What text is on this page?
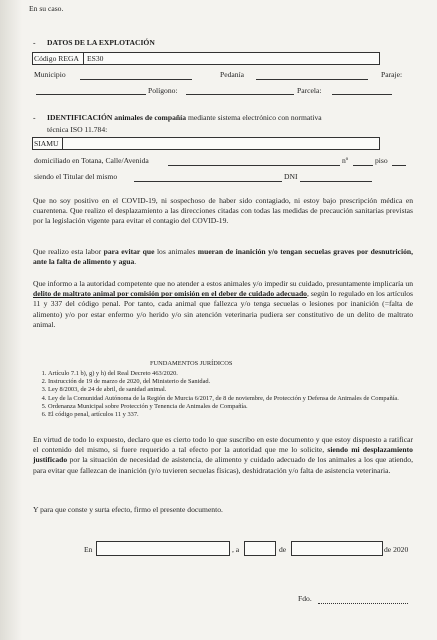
En su caso.
- DATOS DE LA EXPLOTACIÓN
Código REGA ES30
Municipio	Pedanía	Paraje:
Polígono:	Parcela:
- IDENTIFICACIÓN animales de compañía mediante sistema electrónico con normativa
técnica ISO 11.784:
SIAMU
domiciliado en Totana, Calle/Avenida	nº	piso
siendo el Titular del mismo	DNI

Que no soy positivo en el COVID-19, ni sospechoso de haber sido contagiado, ni estoy bajo prescripción médica en cuarentena. Que realizo el desplazamiento a las direcciones citadas con todas las medidas de precaución sanitarias previstas por la legislación vigente para evitar el contagio del COVID-19.

Que realizo esta labor para evitar que los animales mueran de inanición y/o tengan secuelas graves por desnutrición, ante la falta de alimento y agua.

Que informo a la autoridad competente que no atender a estos animales y/o impedir su cuidado, presuntamente implicaría un delito de maltrato animal por comisión por omisión en el deber de cuidado adecuado, según lo regulado en los artículos 11 y 337 del código penal. Por tanto, cada animal que fallezca y/o tenga secuelas o lesiones por inanición (=falta de alimento) y/o por estar enfermo y/o herido y/o sin atención veterinaria pudiera ser constitutivo de un delito de maltrato animal.

FUNDAMENTOS JURÍDICOS
1. Artículo 7.1 b), g) y h) del Real Decreto 463/2020.
2. Instrucción de 19 de marzo de 2020, del Ministerio de Sanidad.
3. Ley 8/2003, de 24 de abril, de sanidad animal.
4. Ley de la Comunidad Autónoma de la Región de Murcia 6/2017, de 8 de noviembre, de Protección y Defensa de Animales de Compañía.
5. Ordenanza Municipal sobre Protección y Tenencia de Animales de Compañía.
6. El código penal, artículos 11 y 337.

En virtud de todo lo expuesto, declaro que es cierto todo lo que suscribo en este documento y que estoy dispuesto a ratificar el contenido del mismo, si fuere requerido a tal efecto por la autoridad que me lo solicite, siendo mi desplazamiento justificado por la situación de necesidad de asistencia, de alimento y cuidado adecuado de los animales a los que atiendo, para evitar que fallezcan de inanición (y/o tuvieren secuelas físicas), deshidratación y/o falta de asistencia veterinaria.

Y para que conste y surta efecto, firmo el presente documento.
En	, a	de	de 2020
Fdo.
